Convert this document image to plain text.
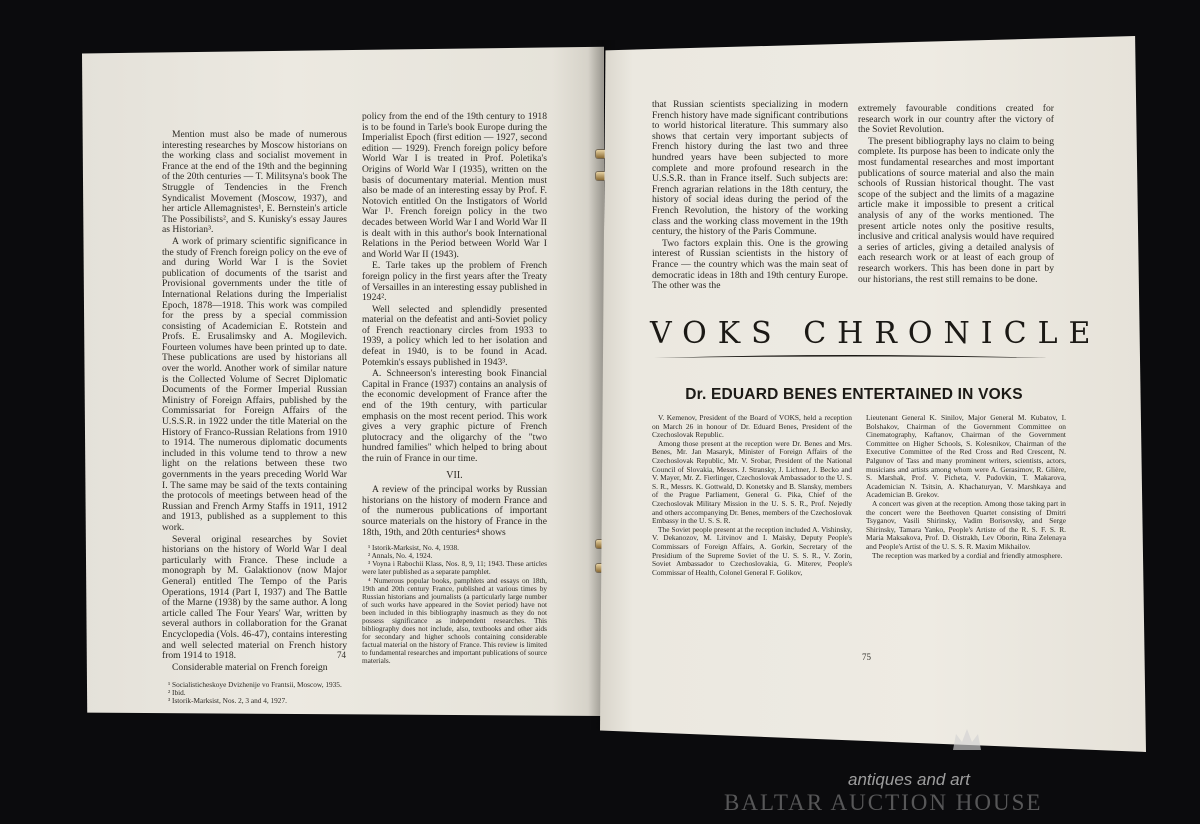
Mention must also be made of numerous interesting researches by Moscow historians on the working class and socialist movement in France at the end of the 19th and the beginning of the 20th centuries — T. Militsyna's book The Struggle of Tendencies in the French Syndicalist Movement (Moscow, 1937), and her article Allemagnistes¹, E. Bernstein's article The Possibilists², and S. Kunisky's essay Jaures as Historian³.

A work of primary scientific significance in the study of French foreign policy on the eve of and during World War I is the Soviet publication of documents of the tsarist and Provisional governments under the title of International Relations during the Imperialist Epoch, 1878—1918. This work was compiled for the press by a special commission consisting of Academician E. Rotstein and Profs. E. Erusalimsky and A. Mogilevich. Fourteen volumes have been printed up to date. These publications are used by historians all over the world. Another work of similar nature is the Collected Volume of Secret Diplomatic Documents of the Former Imperial Russian Ministry of Foreign Affairs, published by the Commissariat for Foreign Affairs of the U.S.S.R. in 1922 under the title Material on the History of Franco-Russian Relations from 1910 to 1914. The numerous diplomatic documents included in this volume tend to throw a new light on the relations between these two governments in the years preceding World War I. The same may be said of the texts containing the protocols of meetings between head of the Russian and French Army Staffs in 1911, 1912 and 1913, published as a supplement to this work.

Several original researches by Soviet historians on the history of World War I deal particularly with France. These include a monograph by M. Galaktionov (now Major General) entitled The Tempo of the Paris Operations, 1914 (Part I, 1937) and The Battle of the Marne (1938) by the same author. A long article called The Four Years' War, written by several authors in collaboration for the Granat Encyclopedia (Vols. 46-47), contains interesting and well selected material on French history from 1914 to 1918.

Considerable material on French foreign

¹ Socialisticheskoye Dvizhenije vo Frantsii, Moscow, 1935.

² Ibid.

³ Istorik-Marksist, Nos. 2, 3 and 4, 1927.

policy from the end of the 19th century to 1918 is to be found in Tarle's book Europe during the Imperialist Epoch (first edition — 1927, second edition — 1929). French foreign policy before World War I is treated in Prof. Poletika's Origins of World War I (1935), written on the basis of documentary material. Mention must also be made of an interesting essay by Prof. F. Notovich entitled On the Instigators of World War I¹. French foreign policy in the two decades between World War I and World War II is dealt with in this author's book International Relations in the Period between World War I and World War II (1943).

E. Tarle takes up the problem of French foreign policy in the first years after the Treaty of Versailles in an interesting essay published in 1924².

Well selected and splendidly presented material on the defeatist and anti-Soviet policy of French reactionary circles from 1933 to 1939, a policy which led to her isolation and defeat in 1940, is to be found in Acad. Potemkin's essays published in 1943³.

A. Schneerson's interesting book Financial Capital in France (1937) contains an analysis of the economic development of France after the end of the 19th century, with particular emphasis on the most recent period. This work gives a very graphic picture of French plutocracy and the oligarchy of the "two hundred families" which helped to bring about the ruin of France in our time.

VII.

A review of the principal works by Russian historians on the history of modern France and of the numerous publications of important source materials on the history of France in the 18th, 19th, and 20th centuries⁴ shows

¹ Istorik-Marksist, No. 4, 1938.

² Annals, No. 4, 1924.

³ Voyna i Rabochii Klass, Nos. 8, 9, 11; 1943. These articles were later published as a separate pamphlet.

⁴ Numerous popular books, pamphlets and essays on 18th, 19th and 20th century France, published at various times by Russian historians and journalists (a particularly large number of such works have appeared in the Soviet period) have not been included in this bibliography inasmuch as they do not possess significance as independent researches. This bibliography does not include, also, textbooks and other aids for secondary and higher schools containing considerable factual material on the history of France. This review is limited to fundamental researches and important publications of source materials.

74

that Russian scientists specializing in modern French history have made significant contributions to world historical literature. This summary also shows that certain very important subjects of French history during the last two and three hundred years have been subjected to more complete and more profound research in the U.S.S.R. than in France itself. Such subjects are: French agrarian relations in the 18th century, the history of social ideas during the period of the French Revolution, the history of the working class and the working class movement in the 19th century, the history of the Paris Commune.

Two factors explain this. One is the growing interest of Russian scientists in the history of France — the country which was the main seat of democratic ideas in 18th and 19th century Europe. The other was the

extremely favourable conditions created for research work in our country after the victory of the Soviet Revolution.

The present bibliography lays no claim to being complete. Its purpose has been to indicate only the most fundamental researches and most important publications of source material and also the main schools of Russian historical thought. The vast scope of the subject and the limits of a magazine article make it impossible to present a critical analysis of any of the works mentioned. The present article notes only the positive results, inclusive and critical analysis would have required a series of articles, giving a detailed analysis of each research work or at least of each group of research workers. This has been done in part by our historians, the rest still remains to be done.

VOKS CHRONICLE
Dr. EDUARD BENES ENTERTAINED IN VOKS

V. Kemenov, President of the Board of VOKS, held a reception on March 26 in honour of Dr. Eduard Benes, President of the Czechoslovak Republic.

Among those present at the reception were Dr. Benes and Mrs. Benes, Mr. Jan Masaryk, Minister of Foreign Affairs of the Czechoslovak Republic, Mr. V. Srobar, President of the National Council of Slovakia, Messrs. J. Stransky, J. Lichner, J. Becko and V. Mayer, Mr. Z. Fierlinger, Czechoslovak Ambassador to the U. S. S. R., Messrs. K. Gottwald, D. Konetsky and B. Slansky, members of the Prague Parliament, General G. Pika, Chief of the Czechoslovak Military Mission in the U. S. S. R., Prof. Nejedly and others accompanying Dr. Benes, members of the Czechoslovak Embassy in the U. S. S. R.

The Soviet people present at the reception included A. Vishinsky, V. Dekanozov, M. Litvinov and I. Maisky, Deputy People's Commissars of Foreign Affairs, A. Gorkin, Secretary of the Presidium of the Supreme Soviet of the U. S. S. R., V. Zorin, Soviet Ambassador to Czechoslovakia, G. Miterev, People's Commissar of Health, Colonel General F. Golikov,

Lieutenant General K. Sinilov, Major General M. Kubatov, I. Bolshakov, Chairman of the Government Committee on Cinematography, Kaftanov, Chairman of the Government Committee on Higher Schools, S. Kolesnikov, Chairman of the Executive Committee of the Red Cross and Red Crescent, N. Palgunov of Tass and many prominent writers, scientists, actors, musicians and artists among whom were A. Gerasimov, R. Glière, S. Marshak, Prof. V. Picheta, V. Pudovkin, T. Makarova, Academician N. Tsitsin, A. Khachaturyan, V. Marshkaya and Academician B. Grekov.

A concert was given at the reception. Among those taking part in the concert were the Beethoven Quartet consisting of Dmitri Tsyganov, Vasili Shirinsky, Vadim Borisovsky, and Serge Shirinsky, Tamara Yanko, People's Artiste of the R. S. F. S. R. Maria Maksakova, Prof. D. Oistrakh, Lev Oborin, Rina Zelenaya and People's Artist of the U. S. S. R. Maxim Mikhailov.

The reception was marked by a cordial and friendly atmosphere.

75
antiques and art
BALTAR AUCTION HOUSE
